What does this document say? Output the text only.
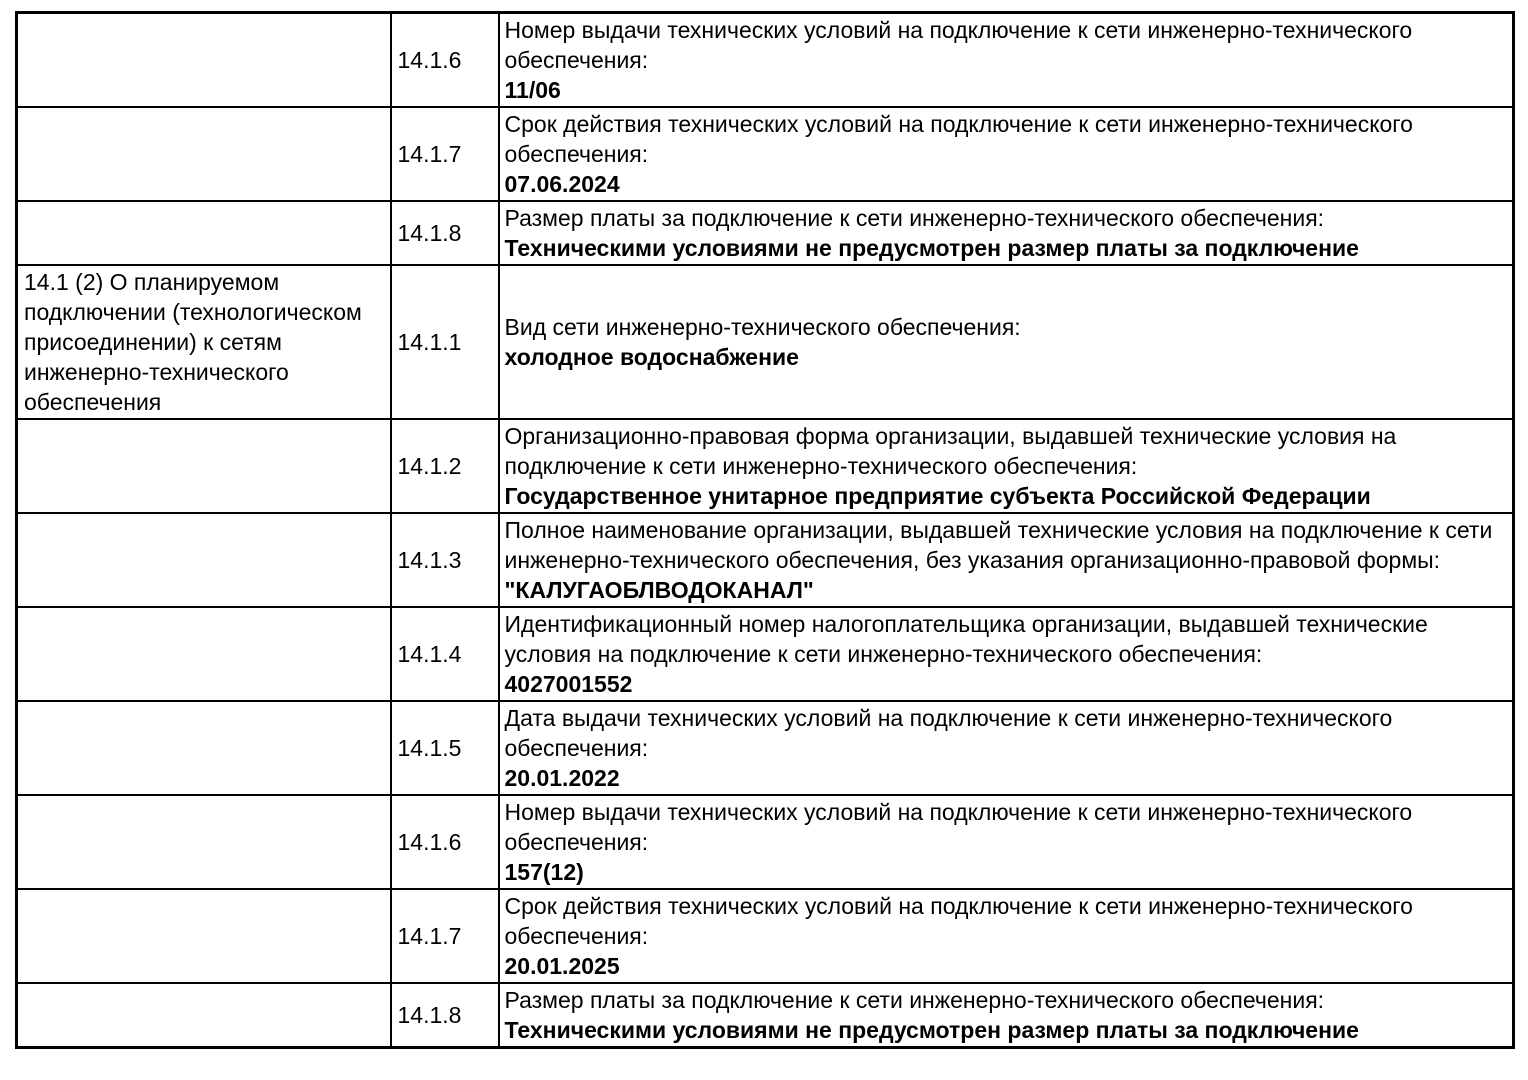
	14.1.6	Номер выдачи технических условий на подключение к сети инженерно-технического обеспечения:
11/06

	14.1.7	Срок действия технических условий на подключение к сети инженерно-технического обеспечения:
07.06.2024

	14.1.8	Размер платы за подключение к сети инженерно-технического обеспечения:
Техническими условиями не предусмотрен размер платы за подключение

14.1 (2) О планируемом подключении (технологическом присоединении) к сетям инженерно-технического обеспечения	14.1.1	Вид сети инженерно-технического обеспечения:
холодное водоснабжение

	14.1.2	Организационно-правовая форма организации, выдавшей технические условия на подключение к сети инженерно-технического обеспечения:
Государственное унитарное предприятие субъекта Российской Федерации

	14.1.3	Полное наименование организации, выдавшей технические условия на подключение к сети инженерно-технического обеспечения, без указания организационно-правовой формы:
"КАЛУГАОБЛВОДОКАНАЛ"

	14.1.4	Идентификационный номер налогоплательщика организации, выдавшей технические условия на подключение к сети инженерно-технического обеспечения:
4027001552

	14.1.5	Дата выдачи технических условий на подключение к сети инженерно-технического обеспечения:
20.01.2022

	14.1.6	Номер выдачи технических условий на подключение к сети инженерно-технического обеспечения:
157(12)

	14.1.7	Срок действия технических условий на подключение к сети инженерно-технического обеспечения:
20.01.2025

	14.1.8	Размер платы за подключение к сети инженерно-технического обеспечения:
Техническими условиями не предусмотрен размер платы за подключение
